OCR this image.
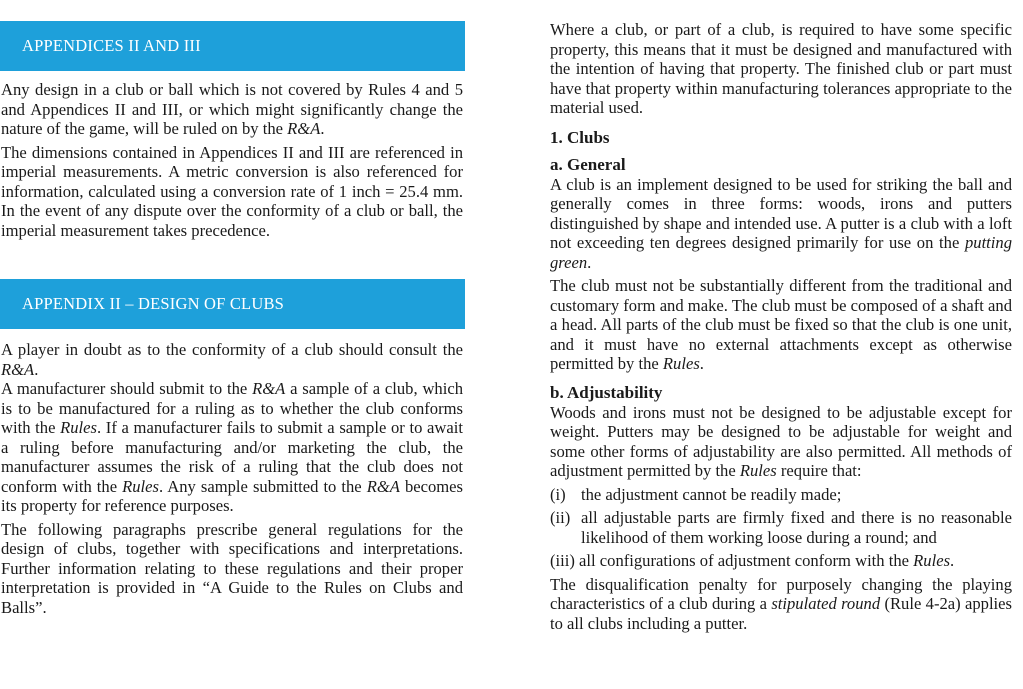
APPENDICES II AND III

Any design in a club or ball which is not covered by Rules 4 and 5 and Appendices II and III, or which might significantly change the nature of the game, will be ruled on by the R&A.

The dimensions contained in Appendices II and III are referenced in imperial measurements. A metric conversion is also referenced for information, calculated using a conversion rate of 1 inch = 25.4 mm. In the event of any dispute over the conformity of a club or ball, the imperial measurement takes precedence.

APPENDIX II – DESIGN OF CLUBS

A player in doubt as to the conformity of a club should consult the R&A.

A manufacturer should submit to the R&A a sample of a club, which is to be manufactured for a ruling as to whether the club conforms with the Rules. If a manufacturer fails to submit a sample or to await a ruling before manufacturing and/or marketing the club, the manufacturer assumes the risk of a ruling that the club does not conform with the Rules. Any sample submitted to the R&A becomes its property for reference purposes.

The following paragraphs prescribe general regulations for the design of clubs, together with specifications and interpretations. Further information relating to these regulations and their proper interpretation is provided in “A Guide to the Rules on Clubs and Balls”.

Where a club, or part of a club, is required to have some specific property, this means that it must be designed and manufactured with the intention of having that property. The finished club or part must have that property within manufacturing tolerances appropriate to the material used.

1. Clubs

a. General

A club is an implement designed to be used for striking the ball and generally comes in three forms: woods, irons and putters distinguished by shape and intended use. A putter is a club with a loft not exceeding ten degrees designed primarily for use on the putting green.

The club must not be substantially different from the traditional and customary form and make. The club must be composed of a shaft and a head. All parts of the club must be fixed so that the club is one unit, and it must have no external attachments except as otherwise permitted by the Rules.

b. Adjustability

Woods and irons must not be designed to be adjustable except for weight. Putters may be designed to be adjustable for weight and some other forms of adjustability are also permitted. All methods of adjustment permitted by the Rules require that:

(i) the adjustment cannot be readily made;
(ii) all adjustable parts are firmly fixed and there is no reasonable likelihood of them working loose during a round; and
(iii)
all configurations of adjustment conform with the Rules.

The disqualification penalty for purposely changing the playing characteristics of a club during a stipulated round (Rule 4-2a) applies to all clubs including a putter.
